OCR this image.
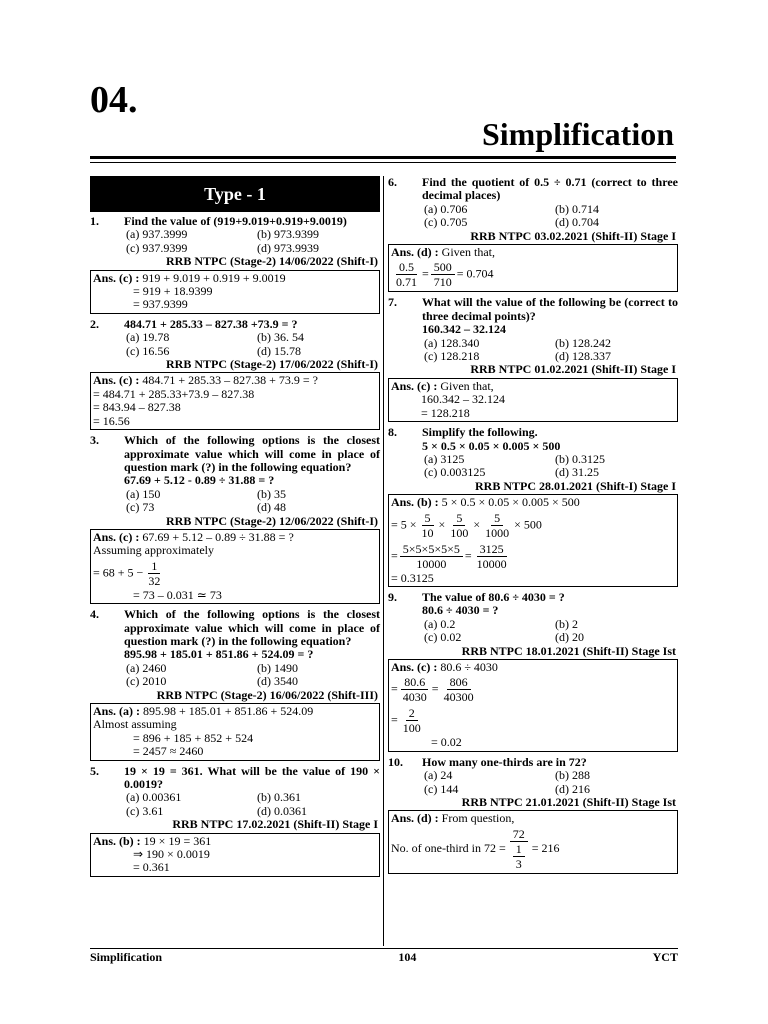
04.
Simplification
Type - 1
1.	Find the value of (919+9.019+0.919+9.0019)
(a) 937.3999	(b) 973.9399
(c) 937.9399	(d) 973.9939
RRB NTPC (Stage-2) 14/06/2022 (Shift-I)
Ans. (c) : 919 + 9.019 + 0.919 + 9.0019
= 919 + 18.9399
= 937.9399
2.	484.71 + 285.33 – 827.38 +73.9 = ?
(a) 19.78	(b) 36. 54
(c) 16.56	(d) 15.78
RRB NTPC (Stage-2) 17/06/2022 (Shift-I)
Ans. (c) : 484.71 + 285.33 – 827.38 + 73.9 = ?
= 484.71 + 285.33+73.9 – 827.38
= 843.94 – 827.38
= 16.56
3.	Which of the following options is the closest approximate value which will come in place of question mark (?) in the following equation?
67.69 + 5.12 - 0.89 ÷ 31.88 = ?
(a) 150	(b) 35
(c) 73	(d) 48
RRB NTPC (Stage-2) 12/06/2022 (Shift-I)
Ans. (c) : 67.69 + 5.12 – 0.89 ÷ 31.88 = ?
Assuming approximately
= $68 + 5 - \frac{1}{32}$
= 73 – 0.031 ≃ 73
4.	Which of the following options is the closest approximate value which will come in place of question mark (?) in the following equation?
895.98 + 185.01 + 851.86 + 524.09 = ?
(a) 2460	(b) 1490
(c) 2010	(d) 3540
RRB NTPC (Stage-2) 16/06/2022 (Shift-III)
Ans. (a) : 895.98 + 185.01 + 851.86 + 524.09
Almost assuming
= 896 + 185 + 852 + 524
= 2457 ≈ 2460
5.	19 × 19 = 361. What will be the value of 190 × 0.0019?
(a) 0.00361	(b) 0.361
(c) 3.61	(d) 0.0361
RRB NTPC 17.02.2021 (Shift-II) Stage I
Ans. (b) : 19 × 19 = 361
⇒ 190 × 0.0019
= 0.361
6.	Find the quotient of 0.5 ÷ 0.71 (correct to three decimal places)
(a) 0.706	(b) 0.714
(c) 0.705	(d) 0.704
RRB NTPC 03.02.2021 (Shift-II) Stage I
Ans. (d) : Given that,
$\frac{0.5}{0.71} = \frac{500}{710} = 0.704$
7.	What will the value of the following be (correct to three decimal points)?
160.342 – 32.124
(a) 128.340	(b) 128.242
(c) 128.218	(d) 128.337
RRB NTPC 01.02.2021 (Shift-II) Stage I
Ans. (c) : Given that,
160.342 – 32.124
= 128.218
8.	Simplify the following.
5 × 0.5 × 0.05 × 0.005 × 500
(a) 3125	(b) 0.3125
(c) 0.003125	(d) 31.25
RRB NTPC 28.01.2021 (Shift-I) Stage I
Ans. (b) : 5 × 0.5 × 0.05 × 0.005 × 500
= $5 \times \frac{5}{10} \times \frac{5}{100} \times \frac{5}{1000} \times 500$
= $\frac{5\times 5\times 5\times 5\times 5}{10000} = \frac{3125}{10000}$
= 0.3125
9.	The value of 80.6 ÷ 4030 = ?
80.6 ÷ 4030 = ?
(a) 0.2	(b) 2
(c) 0.02	(d) 20
RRB NTPC 18.01.2021 (Shift-II) Stage Ist
Ans. (c) : 80.6 ÷ 4030
= $\frac{80.6}{4030} = \frac{806}{40300}$
= $\frac{2}{100}$
= 0.02
10.	How many one-thirds are in 72?
(a) 24	(b) 288
(c) 144	(d) 216
RRB NTPC 21.01.2021 (Shift-II) Stage Ist
Ans. (d) : From question,
No. of one-third in $72 = \frac{72}{\frac{1}{3}} = 216$
Simplification	104	YCT
